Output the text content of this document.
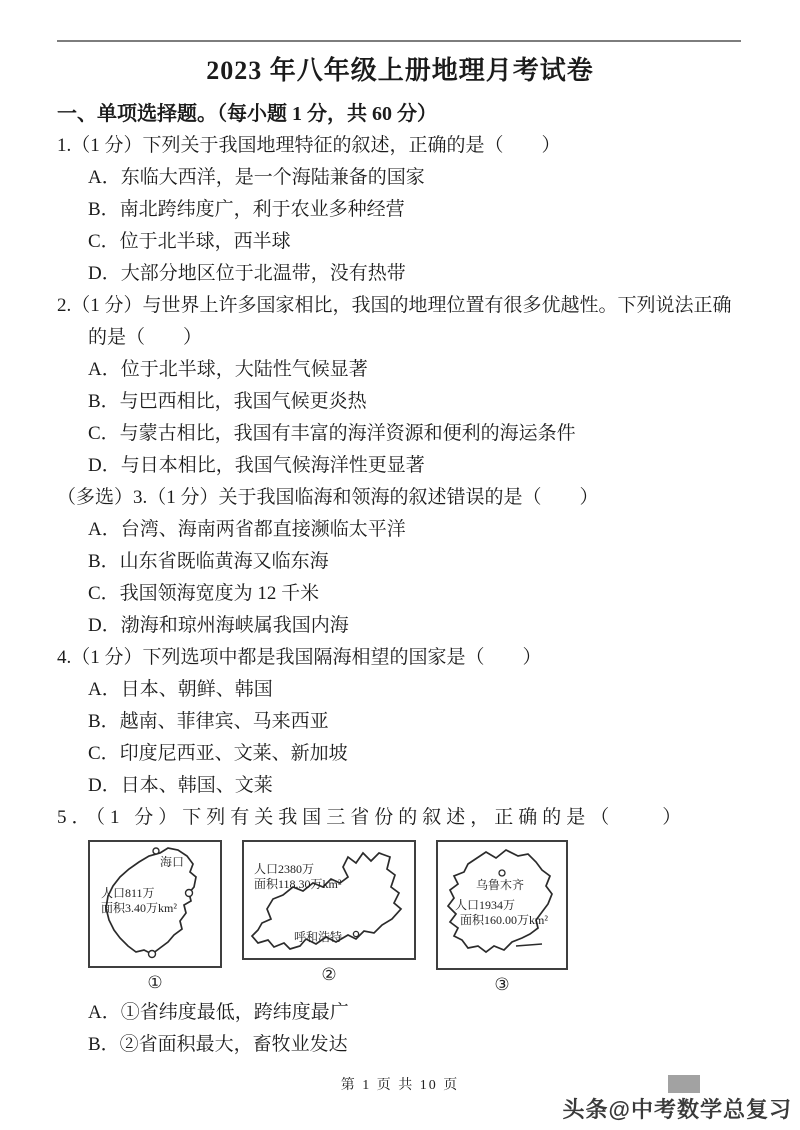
2023 年八年级上册地理月考试卷
一、单项选择题。（每小题 1 分，共 60 分）

1.（1 分）下列关于我国地理特征的叙述，正确的是（　　）

A．东临大西洋，是一个海陆兼备的国家

B．南北跨纬度广，利于农业多种经营

C．位于北半球，西半球

D．大部分地区位于北温带，没有热带

2.（1 分）与世界上许多国家相比，我国的地理位置有很多优越性。下列说法正确的是（　　）

A．位于北半球，大陆性气候显著

B．与巴西相比，我国气候更炎热

C．与蒙古相比，我国有丰富的海洋资源和便利的海运条件

D．与日本相比，我国气候海洋性更显著

（多选）3.（1 分）关于我国临海和领海的叙述错误的是（　　）

A．台湾、海南两省都直接濒临太平洋

B．山东省既临黄海又临东海

C．我国领海宽度为 12 千米

D．渤海和琼州海峡属我国内海

4.（1 分）下列选项中都是我国隔海相望的国家是（　　）

A．日本、朝鲜、韩国

B．越南、菲律宾、马来西亚

C．印度尼西亚、文莱、新加坡

D．日本、韩国、文莱

5．（1 分）下列有关我国三省份的叙述，正确的是（　　）

海口
人口811万
面积3.40万km²
①
人口2380万
面积118.30万km²
呼和浩特
②
乌鲁木齐
人口1934万
面积160.00万km²
③

A．①省纬度最低，跨纬度最广

B．②省面积最大，畜牧业发达

第 1 页 共 10 页
头条@中考数学总复习
